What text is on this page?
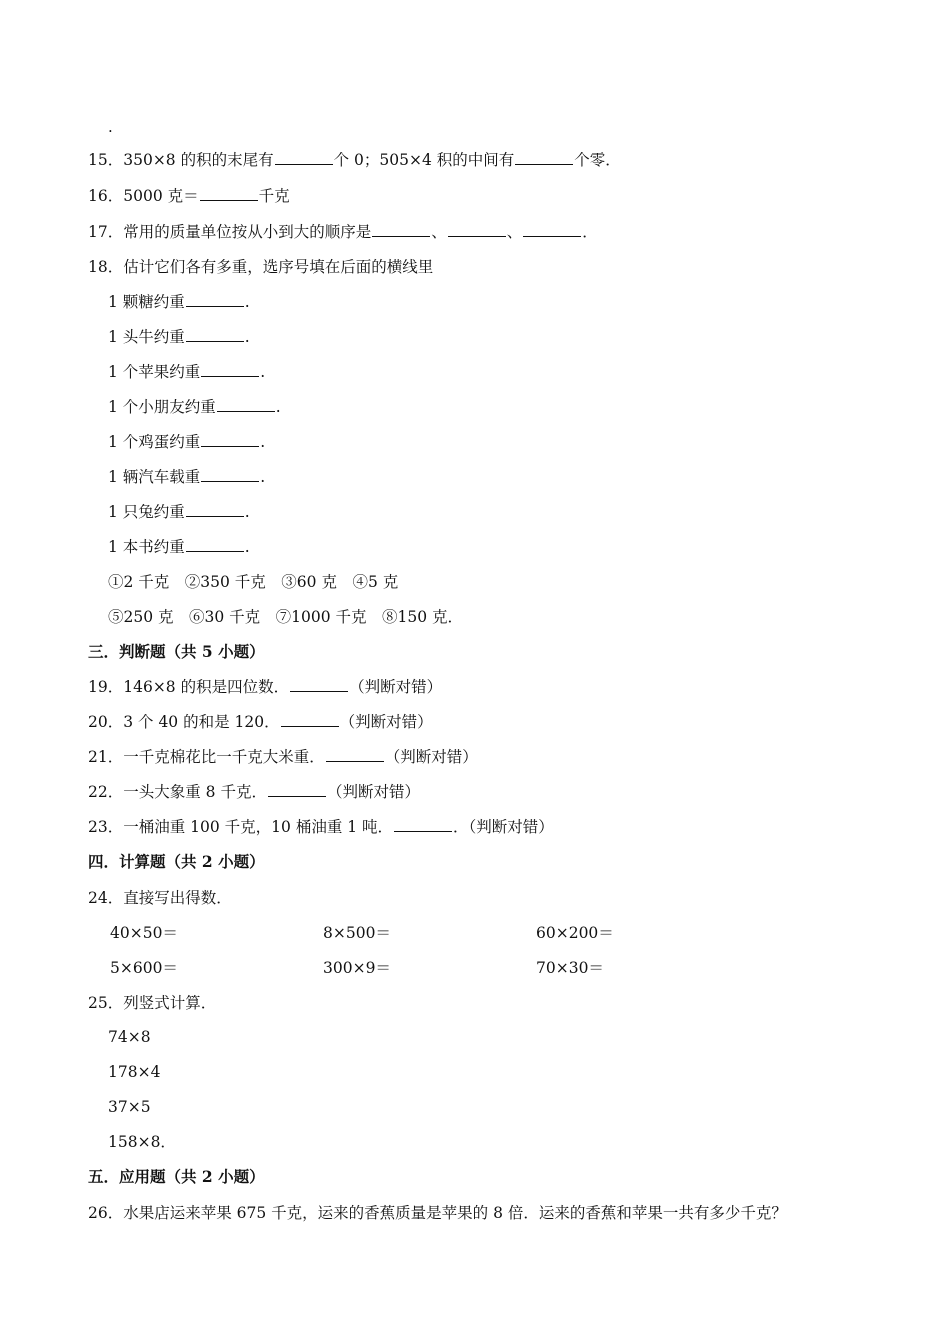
.
15．350×8 的积的末尾有	个 0；505×4 积的中间有	个零．
16．5000 克＝	千克
17．常用的质量单位按从小到大的顺序是	、	、	．
18．估计它们各有多重，选序号填在后面的横线里
1 颗糖约重	.
1 头牛约重	.
1 个苹果约重	.
1 个小朋友约重	.
1 个鸡蛋约重	.
1 辆汽车载重	.
1 只兔约重	.
1 本书约重	.
①2 千克　②350 千克　③60 克　④5 克
⑤250 克　⑥30 千克　⑦1000 千克　⑧150 克．
三．判断题（共 5 小题）
19．146×8 的积是四位数．	（判断对错）
20．3 个 40 的和是 120．	（判断对错）
21．一千克棉花比一千克大米重．	（判断对错）
22．一头大象重 8 千克．	（判断对错）
23．一桶油重 100 千克，10 桶油重 1 吨．	．（判断对错）
四．计算题（共 2 小题）
24．直接写出得数．
40×50＝	8×500＝	60×200＝
5×600＝	300×9＝	70×30＝
25．列竖式计算．
74×8
178×4
37×5
158×8．
五．应用题（共 2 小题）
26．水果店运来苹果 675 千克，运来的香蕉质量是苹果的 8 倍．运来的香蕉和苹果一共有多少千克？
